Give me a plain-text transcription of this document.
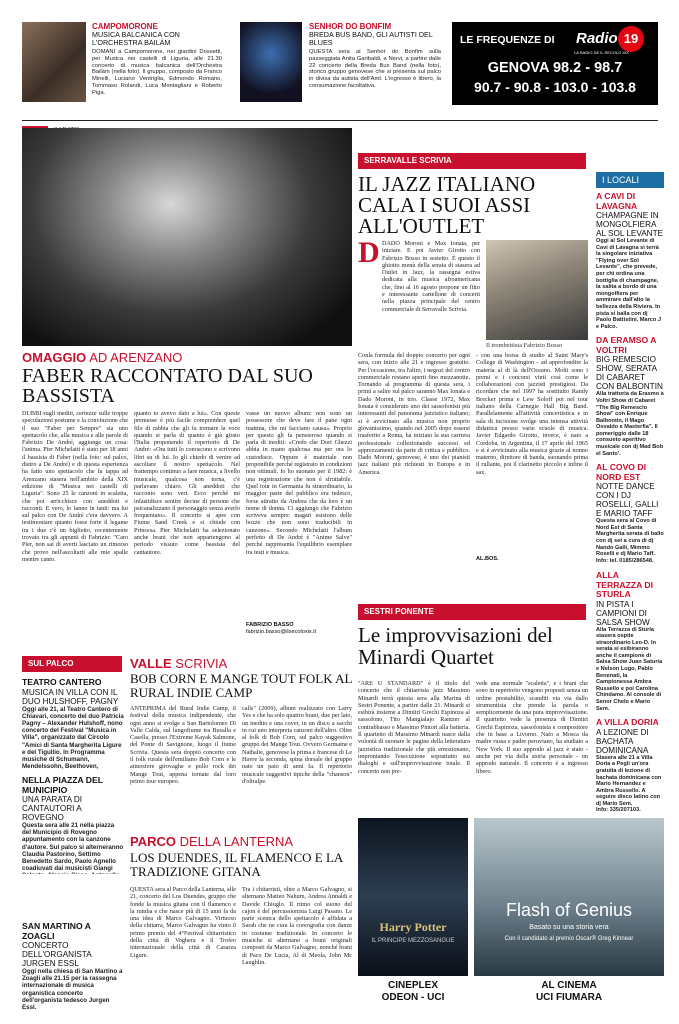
CAMPOMORONE
MUSICA BALCANICA CON L'ORCHESTRA BAILÀM
DOMANI a Campomorone, nei giardini Dossetti, per Musica nei castelli di Liguria, alle 21.30 concerto di musica balcanica dell'Orchestra Bailàm (nella foto). Il gruppo, composto da Franco Minelli, Luciano Ventriglia, Edmondo Romano, Tommaso Rolandi, Luca Montagliani e Roberto Piga.
SENHOR DO BONFIM
BREDA BUS BAND, GLI AUTISTI DEL BLUES
QUESTA sera al Senhor do Bonfim sulla passeggiata Anita Garibaldi, a Nervi, a partire dalle 22 concerto della Breda Bus Band (nella foto), storico gruppo genovese che si presenta sul palco in divisa da autista dell'Amt. L'ingresso è libero, la consumazione facoltativa.
LE FREQUENZE DI Radio 19
LA RADIO DE IL SECOLO XIX
GENOVA 98.2 - 98.7
90.7 - 90.8 - 103.0 - 103.8
OMAGGIO AD ARENZANO
FABER RACCONTATO DAL SUO BASSISTA
DUBBI sugli inediti, certezze sulle troppe speculazioni postume e la convinzione che il suo "Faber per Sempre" sia uno spettacolo che, alla musica e alle parole di Fabrizio De André, aggiunge un cosa: l'anima. Pier Michelatti è stato per 18 anni il bassista di Faber (nella foto: sul palco, dietro a De André) e di questa esperienza ha fatto uno spettacolo che fa tappa ad Arenzano stasera nell'ambito della XIX edizione di "Musica nei castelli di Liguria". Sono 25 le canzoni in scaletta, che poi arricchisce con aneddoti e racconti. E vero, lo fanno in tanti: ma lui sul palco con De André c'era davvero. A testimoniare quanto fosse forte il legame tra i due c'è un biglietto, recentemente trovato tra gli appunti di Fabrizio: "Caro Pier, non sai di averti lasciato un rimorso che provo nell'ascoltarti alle mie spalle mentre canto.
quanto io avevo dato a lui». Con queste premesse è più facile comprendere quel filo di rabbia che gli fa tremare la voce quando si parla di quanto è già girato l'Italia proponendo il repertorio di De André: «Ora tutti lo conoscono e scrivono libri su di lui. Io gli chiedo di venire ad ascoltare il nostro spettacolo. Nel frattempo continuo a fare musica, a livello musicale, qualcosa non torna, c'è parlavano chiaro. Gli aneddoti che racconto sono veri. Ecco perché mi infastidisce sentire decine di persone che psicanalizzano il personaggio senza averlo frequentato». Il concerto si apre con Fiume Sand Creek e si chiude con Princesa. Pier Michelatti ha selezionato anche brani che non appartengono al periodo vissuto come bassista del cantautore.
vasse un nuovo album: non sono un possessore che deve fare il pane ogni mattina, che mi facciano causa». Proprio per questo gli fa pensieroso quando si parla di inediti: «Credo che Dori Ghezzi abbia in mano qualcosa ma per ora lo custodisce. Oppure è materiale non proponibile perché registrato in condizioni non ottimali. Io ho suonato per il 1982: è una registrazione che non è sfruttabile. Quel tour in Germania fu straordinario, la maggior parte del pubblico era tedesco, forse attratto da Andrea che da loro è un nome di donna. Ci aggiungo che Fabrizio scriveva sempre: magari esistono delle bozze che non sono traducibili in canzone». Secondo Michelatti l'album perfetto di De André è "Anime Salve" perché rappresenta l'equilibrio esemplare tra testi e musica.
FABRIZIO BASSO
fabrizio.basso@ilsecoloxix.it
SUL PALCO
TEATRO CANTERO
MUSICA IN VILLA CON IL DUO HULSHOFF, PAGNY
Oggi alle 21, al Teatro Cantero di Chiavari, concerto del duo Patricia Pagny – Alexander Hulshoff, nono concerto del Festival "Musica in Villa", organizzato dal Circolo "Amici di Santa Margherita Ligure e del Tigullio. In Programma musiche di Schumann, Mendelssohn, Beethoven,
NELLA PIAZZA DEL MUNICIPIO
UNA PARATA DI CANTAUTORI A ROVEGNO
Questa sera alle 21 nella piazza del Municipio di Rovegno appuntamento con la canzone d'autore. Sul palco si alterneranno Claudia Pastorino, Settimo Benedetto Sardo, Paolo Agnello coadiuvati dai musicisti Giangi
SAN MARTINO A ZOAGLI
CONCERTO DELL'ORGANISTA JURGEN ESSL
Oggi nella chiesa di San Martino a Zoagli alle 21.15 per la rassegna internazionale di musica organistica concerto dell'organista tedesco Jurgen Essl.
VALLE SCRIVIA
BOB CORN E MANGE TOUT FOLK AL RURAL INDIE CAMP
ANTEPRIMA del Rural Indie Camp, il festival della musica indipendente, che ogni anno si svolge a San Bartolomeo Di Valle Calda, sul lungofiume tra Busalla e Casella, presso l'Extreme Kayak Salmone, del Ponte di Savignone, luogo il fiume Scrivia. Questa sera doppio concerto con il folk rurale dell'emiliano Bob Corn e le atmosfere girovaghe e pollo rock dei Mange Tout, appena tornate dal loro primo tour europeo.
calls" (2009), album realizzato con Larry Yes e che ha solo quattro brani, due per lato, un inedito e una cover, in un disco a sacchi in cui uno interpreta canzoni dell'altro. Oltre al folk di Bob Corn, sul palco suggestivo gruppo dei Mange Tout. Ovvero Germaine e Nathalie, genovese la prima e francese di Le Havre la seconda, spina dorsale del gruppo nato un paio di anni fa. Il repertorio musicale suggestivi tipiche della "chanson" d'oltralpe.
PARCO DELLA LANTERNA
LOS DUENDES, IL FLAMENCO E LA TRADIZIONE GITANA
QUESTA sera al Parco della Lanterna, alle 21, concerto del Los Duendes, gruppo che fonde la musica gitana con il flamenco e la rumba e che nasce più di 15 anni fa da una idea di Marco Galvagno. Virtuoso della chitarra, Marco Galvagno ha vinto il primo premio del 4°Festival chitarristico della città di Voghera e il Trofeo internazionale della città di Casarza Ligure.
Tra i chitarristi, oltre a Marco Galvagno, si alternano Matteo Nahum, Andrea Annaldi e Davide Chiuglo. Il ritmo col suono del cajon è del percussionista Luigi Pasano. Le parte scenica dello spettacolo è affidata a Sarah che ne cura la coreografia con danze in costume tradizionale. In concerto le musiche si alternano a brani originali composti da Marco Galvagno, nonché brani di Paco De Lucia, Al di Meola, John Mc Laughlin.
SERRAVALLE SCRIVIA
IL JAZZ ITALIANO CALA I SUOI ASSI ALL'OUTLET
D DADO Moroni e Max Ionata, per iniziare. E poi Javier Girotto con Fabrizio Bosso in sestetto. È questo il ghiotto menù della serata di stasera ad Outlet in Jazz, la rassegna estiva dedicata alla musica afroamericana che, fino al 16 agosto propone un fitto e interessante cartellone di concerti nella piazza principale del centro commerciale di Serravalle Scrivia.
Il trombettista Fabrizio Bosso
Conla formula del doppio concerto per ogni sera, con inizio alle 21 e ingresso gratuito. Per l'occasione, tra l'altro, i negozi del centro commerciale restano aperti fino mezzanotte. Tornando al programma di questa sera, i primi a salire sul palco saranno Max Ionata e Dado Moroni, in trio. Classe 1972, Max Ionata è considerato uno dei sassofonisti più interessanti del panorama jazzistico italiano; si è avvicinato alla musica non proprio giovanissimo, quando nel 2005 dopo essersi trasferito a Roma, ha iniziato la sua carriera professionale collezionando successi ed apprezzamenti da parte di critica e pubblico. Dado Moroni, genovese, è uno dei pianisti jazz italiani più richiesti in Europa e in America.
- con una borsa di studio al Saint Mary's College di Washington - ad approfondire la materia al di là dell'Oceano. Molti sono i premi e i concorsi vinti così come le collaborazioni con jazzisti prestigiosi. Da ricordare che nel 1997 ha sostituito Randy Brecker prima e Lew Soloff poi nel tour italiano della Carnegie Hall Big Band. Parallelamente all'attività concertistica e in sala di incisione svolge una intensa attività didattica presso varie scuole di musica. Javier Edgardo Girotto, invece, è nato a Cordoba, in Argentina, il 17 aprile del 1965 e si è avvicinato alla musica grazie al nonno materno, direttore di banda, suonando prima il rullante, poi il clarinetto piccolo e infine il sax.
AL.BOS.
SESTRI PONENTE
Le improvvisazioni del Minardi Quartet
"ARE U STANDARD" è il titolo del concerto che il chitarrista jazz Massimo Minardi terrà questa sera alla Marina di Sestri Ponente, a partire dalle 21. Minardi si esibirà insieme a Dimitri Grechi Espinoza al sassofono, Tito Mangialajo Rantzer al contrabbasso e Massimo Pintori alla batteria. Il quartetto di Massimo Minardi nasce dalla volontà di suonare le pagine della letteratura jazzistica tradizionale che più emozionano, improntando l'esecuzione soprattutto sui dialoghi e sull'improvvisazione totale. Il concerto non pre-
vede una normale "scaletta", e i brani che sono in repertorio vengono proposti senza un ordine prestabilito, scanditi via via dallo strumentista che prende la parola o semplicemente da una pura improvvisazione. Il quartetto vede la presenza di Dimitri Grechi Espinoza, sassofonista e compositore che in base a Livorno. Nato a Mosca da madre russa e padre peruviano, ha studiato a New York. Il suo approdo al jazz è stato - anche per via della storia personale - un approdo naturale. Il concerto è a ingresso libero.
Harry Potter
IL PRINCIPE MEZZOSANGUE
Flash of Genius
Basato su una storia vera
Con il candidato al premio Oscar® Greg Kinnear
CINEPLEX
ODEON - UCI
AL CINEMA
UCI FIUMARA
I LOCALI
A CAVI DI LAVAGNA
CHAMPAGNE IN MONGOLFIERA AL SOL LEVANTE
Oggi al Sol Levante di Cavi di Lavagna si terrà la singolare iniziativa "Flying over Sol Levante", che prevede, per chi ordina una bottiglia di champagne, la salita a bordo di una mongolfiera per ammirare dall'alto la bellezza della Riviera. In pista si balla con dj Paolo Battistini, Marco J e Palco.
DA ERAMSO A VOLTRI
BIG REMESCIO SHOW, SERATA DI CABARET CON BALBONTIN
Alla trattoria da Erasmo a Voltri Show di Cabaret "The Big Remescio Show" con Enrique Balbontin, il Mago Osvaldo e Masterfia". Il pomeriggio dalle 18 consueto aperitivo musicale con dj Mad Bob el Santo'.
AL COVO DI NORD EST
NOTTE DANCE CON I DJ ROSELLI, GALLI E MARIO TAFF
Questa sera al Covo di Nord Est di Santa Margherita serata di ballo con dj set a cura di dj Nando Galli, Mimmo Roselli e dj Mario Taff.
Info: tel. 0185/286548.
ALLA TERRAZZA DI STURLA
IN PISTA I CAMPIONI DI SALSA SHOW
Alla Terrazza di Sturla stasera ospite straordinario Leo-D. In serata si esibiranno anche il campione di Salsa Show Juan Saturia e Nelson Lugo, Pablo Benenati, la Campionessa Ambra Russello e poi Carolina Chindamo. Al console di Senor Chelo e Mario Sem.
A VILLA DORIA
A LEZIONE DI BACHATA DOMINICANA
Stasera alle 21 a Villa Doria a Pegli un'ora gratuita di lezione di bachata dominicana con Mario Hernandez e Ambra Russello. A seguire disco latino con dj Mario Sem.
Info: 335/207103.
